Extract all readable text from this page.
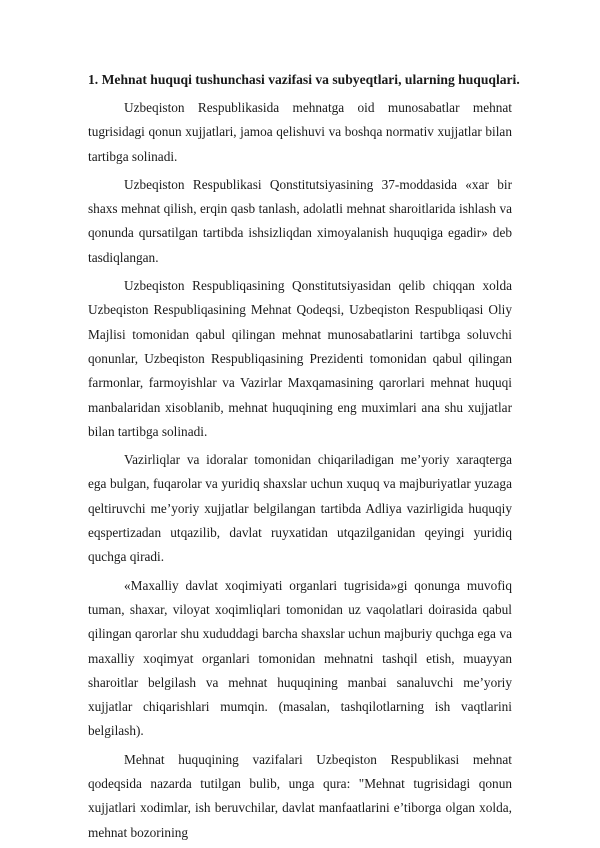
1. Mehnat huquqi tushunchasi vazifasi va subyeqtlari, ularning huquqlari.

Uzbeqiston Respublikasida mehnatga oid munosabatlar mehnat tugrisidagi qonun xujjatlari, jamoa qelishuvi va boshqa normativ xujjatlar bilan tartibga solinadi.

Uzbeqiston Respublikasi Qonstitutsiyasining 37-moddasida «xar bir shaxs mehnat qilish, erqin qasb tanlash, adolatli mehnat sharoitlarida ishlash va qonunda qursatilgan tartibda ishsizliqdan ximoyalanish huquqiga egadir» deb tasdiqlangan.

Uzbeqiston Respubliqasining Qonstitutsiyasidan qelib chiqqan xolda Uzbeqiston Respubliqasining Mehnat Qodeqsi, Uzbeqiston Respubliqasi Oliy Majlisi tomonidan qabul qilingan mehnat munosabatlarini tartibga soluvchi qonunlar, Uzbeqiston Respubliqasining Prezidenti tomonidan qabul qilingan farmonlar, farmoyishlar va Vazirlar Maxqamasining qarorlari mehnat huquqi manbalaridan xisoblanib, mehnat huquqining eng muximlari ana shu xujjatlar bilan tartibga solinadi.

Vazirliqlar va idoralar tomonidan chiqariladigan me’yoriy xaraqterga ega bulgan, fuqarolar va yuridiq shaxslar uchun xuquq va majburiyatlar yuzaga qeltiruvchi me’yoriy xujjatlar belgilangan tartibda Adliya vazirligida huquqiy eqspertizadan utqazilib, davlat ruyxatidan utqazilganidan qeyingi yuridiq quchga qiradi.

«Maxalliy davlat xoqimiyati organlari tugrisida»gi qonunga muvofiq tuman, shaxar, viloyat xoqimliqlari tomonidan uz vaqolatlari doirasida qabul qilingan qarorlar shu xududdagi barcha shaxslar uchun majburiy quchga ega va maxalliy xoqimyat organlari tomonidan mehnatni tashqil etish, muayyan sharoitlar belgilash va mehnat huquqining manbai sanaluvchi me’yoriy xujjatlar chiqarishlari mumqin. (masalan, tashqilotlarning ish vaqtlarini belgilash).

Mehnat huquqining vazifalari Uzbeqiston Respublikasi mehnat qodeqsida nazarda tutilgan bulib, unga qura: "Mehnat tugrisidagi qonun xujjatlari xodimlar, ish beruvchilar, davlat manfaatlarini e’tiborga olgan xolda, mehnat bozorining
